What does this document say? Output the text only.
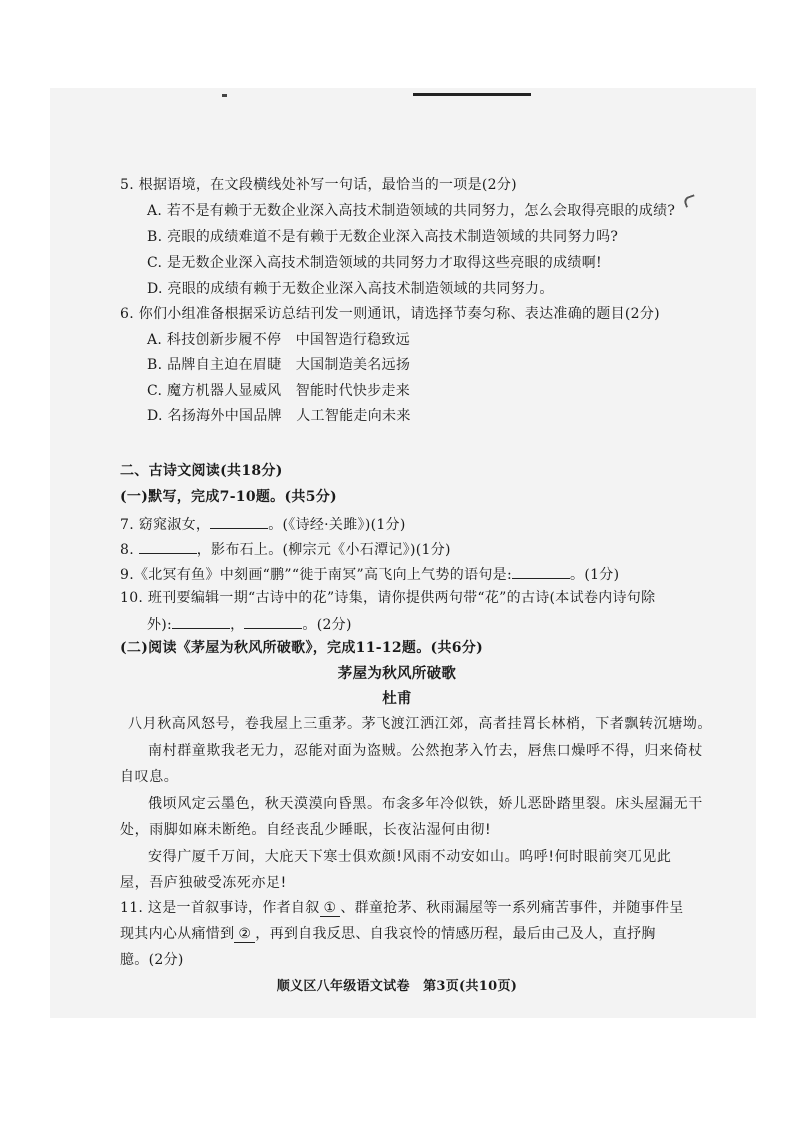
5. 根据语境，在文段横线处补写一句话，最恰当的一项是(2分)
A. 若不是有赖于无数企业深入高技术制造领域的共同努力，怎么会取得亮眼的成绩?
B. 亮眼的成绩难道不是有赖于无数企业深入高技术制造领域的共同努力吗?
C. 是无数企业深入高技术制造领域的共同努力才取得这些亮眼的成绩啊!
D. 亮眼的成绩有赖于无数企业深入高技术制造领域的共同努力。
6. 你们小组准备根据采访总结刊发一则通讯，请选择节奏匀称、表达准确的题目(2分)
A. 科技创新步履不停　中国智造行稳致远
B. 品牌自主迫在眉睫　大国制造美名远扬
C. 魔方机器人显威风　智能时代快步走来
D. 名扬海外中国品牌　人工智能走向未来
二、古诗文阅读(共18分)
(一)默写，完成7-10题。(共5分)
7. 窈窕淑女，	。(《诗经·关雎》)(1分)
8.	，影布石上。(柳宗元《小石潭记》)(1分)
9.《北冥有鱼》中刻画“鹏”“徙于南冥”高飞向上气势的语句是:	。(1分)
10. 班刊要编辑一期“古诗中的花”诗集，请你提供两句带“花”的古诗(本试卷内诗句除
外):	，	。(2分)
(二)阅读《茅屋为秋风所破歌》，完成11-12题。(共6分)
茅屋为秋风所破歌
杜甫
八月秋高风怒号，卷我屋上三重茅。茅飞渡江洒江郊，高者挂罥长林梢，下者飘转沉塘坳。
南村群童欺我老无力，忍能对面为盗贼。公然抱茅入竹去，唇焦口燥呼不得，归来倚杖
自叹息。
俄顷风定云墨色，秋天漠漠向昏黑。布衾多年冷似铁，娇儿恶卧踏里裂。床头屋漏无干
处，雨脚如麻未断绝。自经丧乱少睡眠，长夜沾湿何由彻!
安得广厦千万间，大庇天下寒士俱欢颜!风雨不动安如山。呜呼!何时眼前突兀见此
屋，吾庐独破受冻死亦足!
11. 这是一首叙事诗，作者自叙 ① 、群童抢茅、秋雨漏屋等一系列痛苦事件，并随事件呈
现其内心从痛惜到 ② ，再到自我反思、自我哀怜的情感历程，最后由己及人，直抒胸
臆。(2分)
顺义区八年级语文试卷　第3页(共10页)
